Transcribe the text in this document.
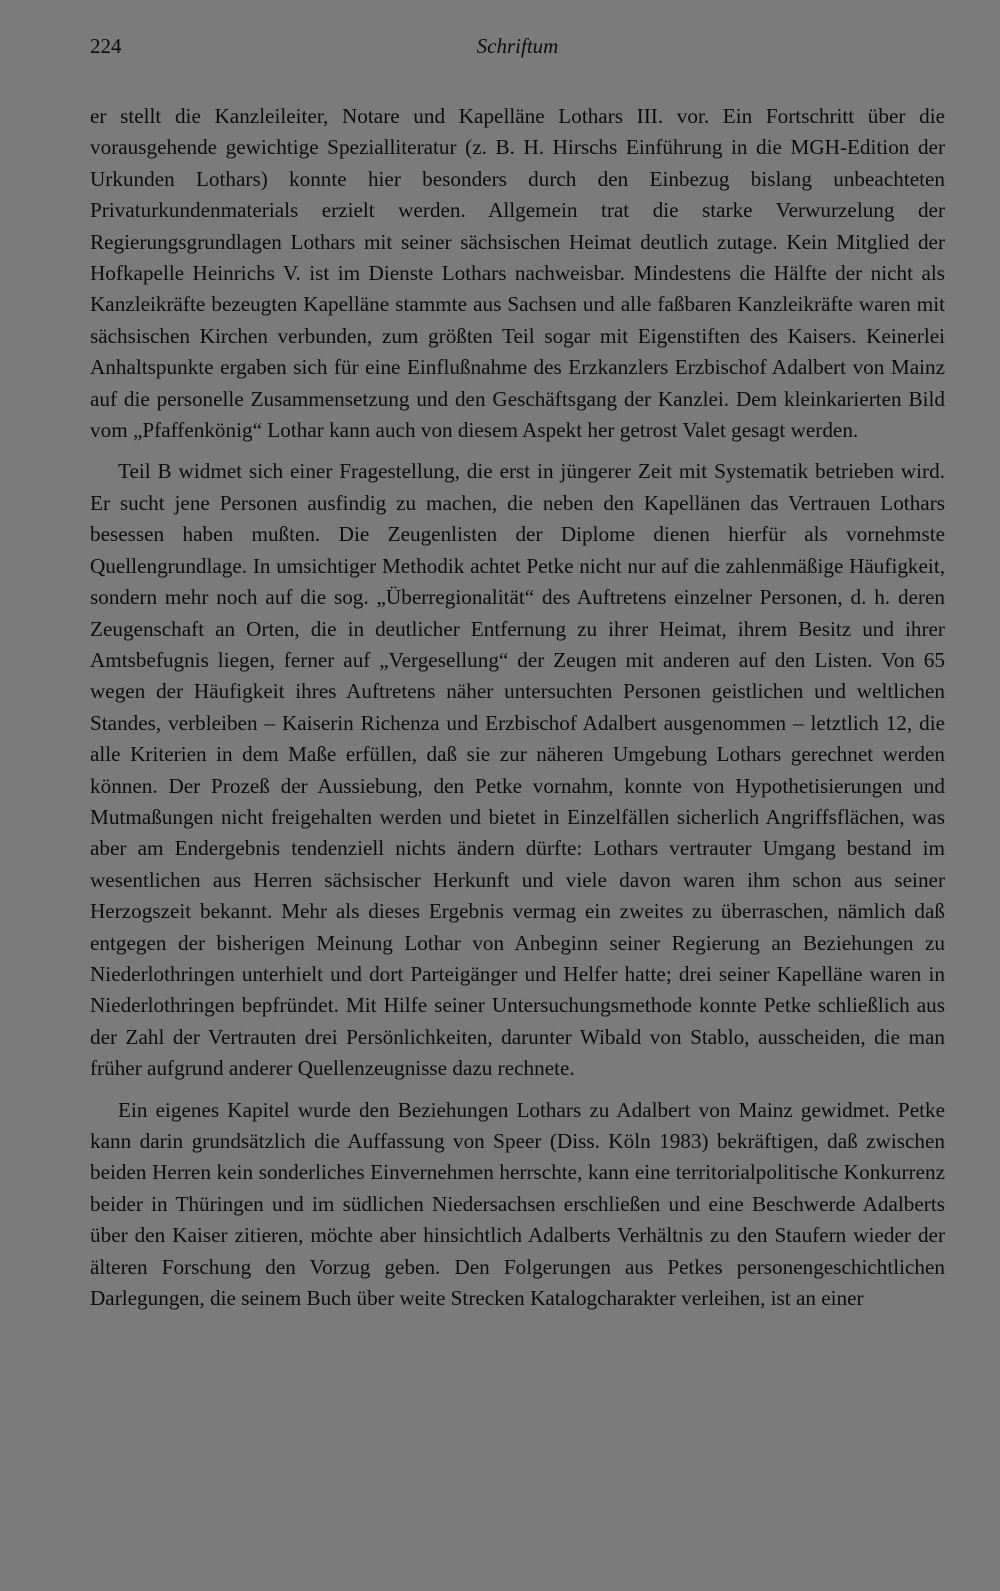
224	Schriftum

er stellt die Kanzleileiter, Notare und Kapelläne Lothars III. vor. Ein Fortschritt über die vorausgehende gewichtige Spezialliteratur (z. B. H. Hirschs Einführung in die MGH-Edition der Urkunden Lothars) konnte hier besonders durch den Einbezug bislang unbeachteten Privaturkundenmaterials erzielt werden. Allgemein trat die starke Verwurzelung der Regierungsgrundlagen Lothars mit seiner sächsischen Heimat deutlich zutage. Kein Mitglied der Hofkapelle Heinrichs V. ist im Dienste Lothars nachweisbar. Mindestens die Hälfte der nicht als Kanzleikräfte bezeugten Kapelläne stammte aus Sachsen und alle faßbaren Kanzleikräfte waren mit sächsischen Kirchen verbunden, zum größten Teil sogar mit Eigenstiften des Kaisers. Keinerlei Anhaltspunkte ergaben sich für eine Einflußnahme des Erzkanzlers Erzbischof Adalbert von Mainz auf die personelle Zusammensetzung und den Geschäftsgang der Kanzlei. Dem kleinkarierten Bild vom „Pfaffenkönig“ Lothar kann auch von diesem Aspekt her getrost Valet gesagt werden.

Teil B widmet sich einer Fragestellung, die erst in jüngerer Zeit mit Systematik betrieben wird. Er sucht jene Personen ausfindig zu machen, die neben den Kapellänen das Vertrauen Lothars besessen haben mußten. Die Zeugenlisten der Diplome dienen hierfür als vornehmste Quellengrundlage. In umsichtiger Methodik achtet Petke nicht nur auf die zahlenmäßige Häufigkeit, sondern mehr noch auf die sog. „Überregionalität“ des Auftretens einzelner Personen, d. h. deren Zeugenschaft an Orten, die in deutlicher Entfernung zu ihrer Heimat, ihrem Besitz und ihrer Amtsbefugnis liegen, ferner auf „Vergesellung“ der Zeugen mit anderen auf den Listen. Von 65 wegen der Häufigkeit ihres Auftretens näher untersuchten Personen geistlichen und weltlichen Standes, verbleiben – Kaiserin Richenza und Erzbischof Adalbert ausgenommen – letztlich 12, die alle Kriterien in dem Maße erfüllen, daß sie zur näheren Umgebung Lothars gerechnet werden können. Der Prozeß der Aussiebung, den Petke vornahm, konnte von Hypothetisierungen und Mutmaßungen nicht freigehalten werden und bietet in Einzelfällen sicherlich Angriffsflächen, was aber am Endergebnis tendenziell nichts ändern dürfte: Lothars vertrauter Umgang bestand im wesentlichen aus Herren sächsischer Herkunft und viele davon waren ihm schon aus seiner Herzogszeit bekannt. Mehr als dieses Ergebnis vermag ein zweites zu überraschen, nämlich daß entgegen der bisherigen Meinung Lothar von Anbeginn seiner Regierung an Beziehungen zu Niederlothringen unterhielt und dort Parteigänger und Helfer hatte; drei seiner Kapelläne waren in Niederlothringen bepfründet. Mit Hilfe seiner Untersuchungsmethode konnte Petke schließlich aus der Zahl der Vertrauten drei Persönlichkeiten, darunter Wibald von Stablo, ausscheiden, die man früher aufgrund anderer Quellenzeugnisse dazu rechnete.

Ein eigenes Kapitel wurde den Beziehungen Lothars zu Adalbert von Mainz gewidmet. Petke kann darin grundsätzlich die Auffassung von Speer (Diss. Köln 1983) bekräftigen, daß zwischen beiden Herren kein sonderliches Einvernehmen herrschte, kann eine territorialpolitische Konkurrenz beider in Thüringen und im südlichen Niedersachsen erschließen und eine Beschwerde Adalberts über den Kaiser zitieren, möchte aber hinsichtlich Adalberts Verhältnis zu den Staufern wieder der älteren Forschung den Vorzug geben. Den Folgerungen aus Petkes personengeschichtlichen Darlegungen, die seinem Buch über weite Strecken Katalogcharakter verleihen, ist an einer
